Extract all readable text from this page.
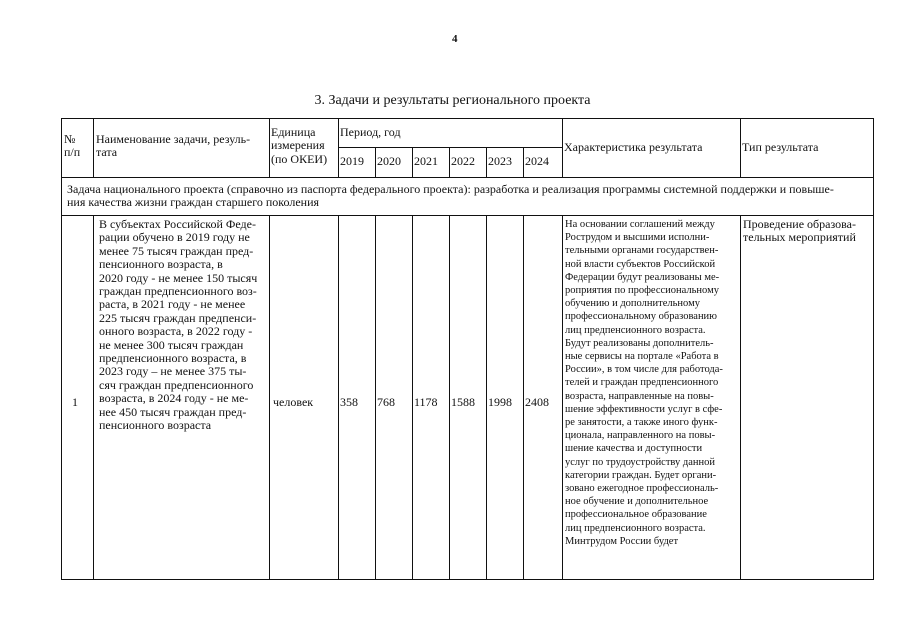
4
3. Задачи и результаты регионального проекта
№
п/п
Наименование задачи, резуль-
тата
Единица
измерения
(по ОКЕИ)
Период, год
2019 2020 2021 2022 2023 2024
Характеристика результата	Тип результата
Задача национального проекта (справочно из паспорта федерального проекта): разработка и реализация программы системной поддержки и повыше-
ния качества жизни граждан старшего поколения
1
В субъектах Российской Феде-
рации обучено в 2019 году не
менее 75 тысяч граждан пред-
пенсионного возраста, в
2020 году - не менее 150 тысяч
граждан предпенсионного воз-
раста, в 2021 году - не менее
225 тысяч граждан предпенси-
онного возраста, в 2022 году -
не менее 300 тысяч граждан
предпенсионного возраста, в
2023 году – не менее 375 ты-
сяч граждан предпенсионного
возраста, в 2024 году - не ме-
нее 450 тысяч граждан пред-
пенсионного возраста
человек 358 768 1178 1588 1998 2408
На основании соглашений между
Рострудом и высшими исполни-
тельными органами государствен-
ной власти субъектов Российской
Федерации будут реализованы ме-
роприятия по профессиональному
обучению и дополнительному
профессиональному образованию
лиц предпенсионного возраста.
Будут реализованы дополнитель-
ные сервисы на портале «Работа в
России», в том числе для работода-
телей и граждан предпенсионного
возраста, направленные на повы-
шение эффективности услуг в сфе-
ре занятости, а также иного функ-
ционала, направленного на повы-
шение качества и доступности
услуг по трудоустройству данной
категории граждан. Будет органи-
зовано ежегодное профессиональ-
ное обучение и дополнительное
профессиональное образование
лиц предпенсионного возраста.
Минтрудом России будет
Проведение образова-
тельных мероприятий
